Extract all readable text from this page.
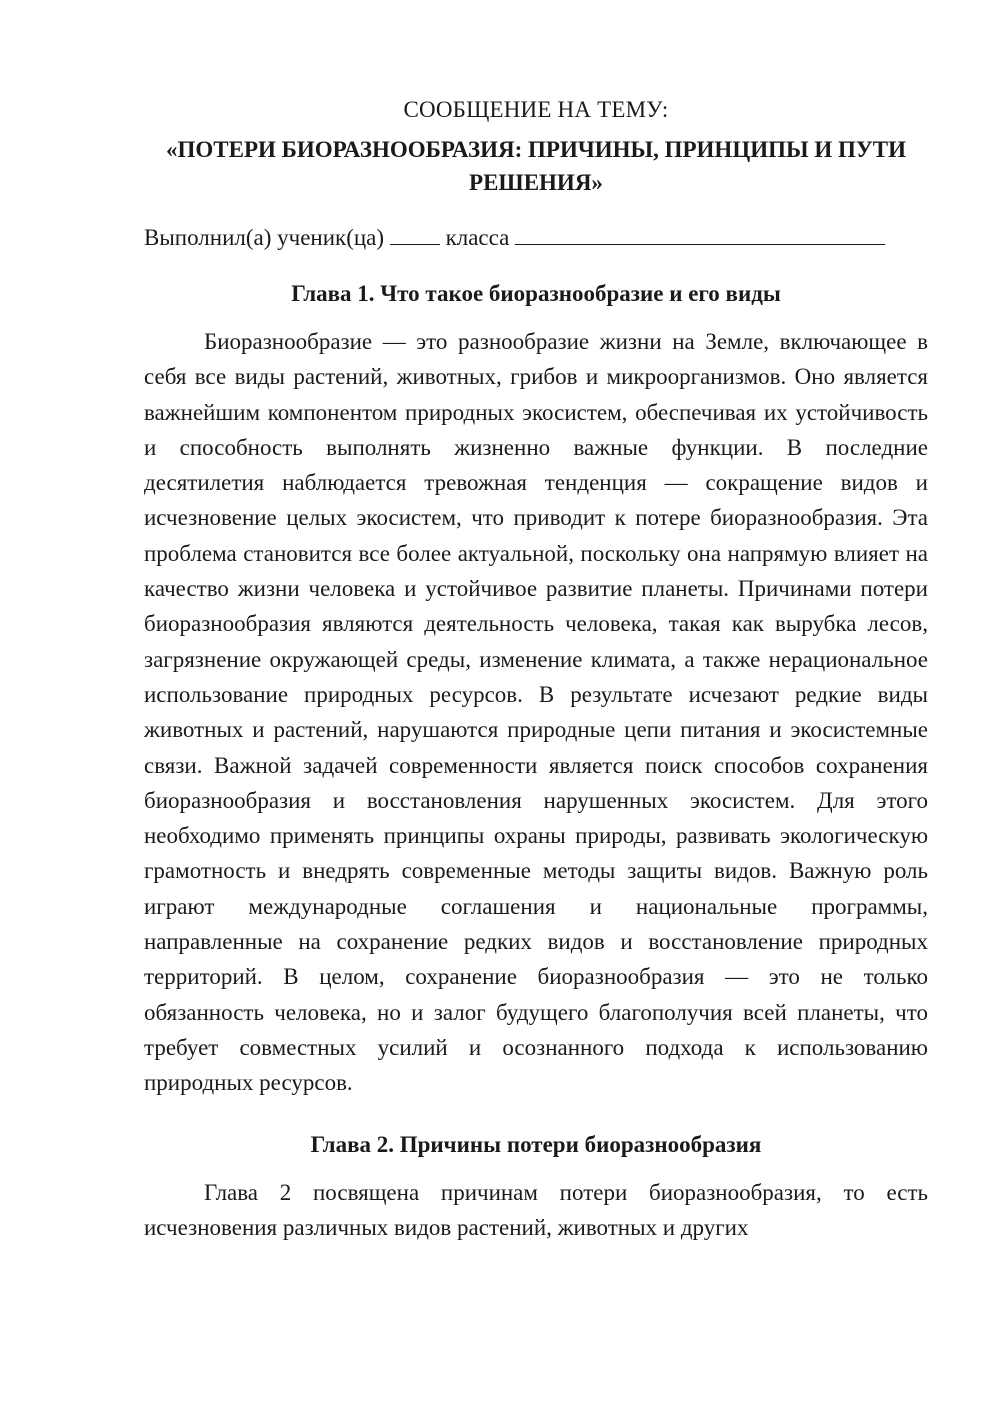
СООБЩЕНИЕ НА ТЕМУ:

«ПОТЕРИ БИОРАЗНООБРАЗИЯ: ПРИЧИНЫ, ПРИНЦИПЫ И ПУТИ РЕШЕНИЯ»

Выполнил(а) ученик(ца)	класса

Глава 1. Что такое биоразнообразие и его виды

Биоразнообразие — это разнообразие жизни на Земле, включающее в себя все виды растений, животных, грибов и микроорганизмов. Оно является важнейшим компонентом природных экосистем, обеспечивая их устойчивость и способность выполнять жизненно важные функции. В последние десятилетия наблюдается тревожная тенденция — сокращение видов и исчезновение целых экосистем, что приводит к потере биоразнообразия. Эта проблема становится все более актуальной, поскольку она напрямую влияет на качество жизни человека и устойчивое развитие планеты. Причинами потери биоразнообразия являются деятельность человека, такая как вырубка лесов, загрязнение окружающей среды, изменение климата, а также нерациональное использование природных ресурсов. В результате исчезают редкие виды животных и растений, нарушаются природные цепи питания и экосистемные связи. Важной задачей современности является поиск способов сохранения биоразнообразия и восстановления нарушенных экосистем. Для этого необходимо применять принципы охраны природы, развивать экологическую грамотность и внедрять современные методы защиты видов. Важную роль играют международные соглашения и национальные программы, направленные на сохранение редких видов и восстановление природных территорий. В целом, сохранение биоразнообразия — это не только обязанность человека, но и залог будущего благополучия всей планеты, что требует совместных усилий и осознанного подхода к использованию природных ресурсов.

Глава 2. Причины потери биоразнообразия

Глава 2 посвящена причинам потери биоразнообразия, то есть исчезновения различных видов растений, животных и других
